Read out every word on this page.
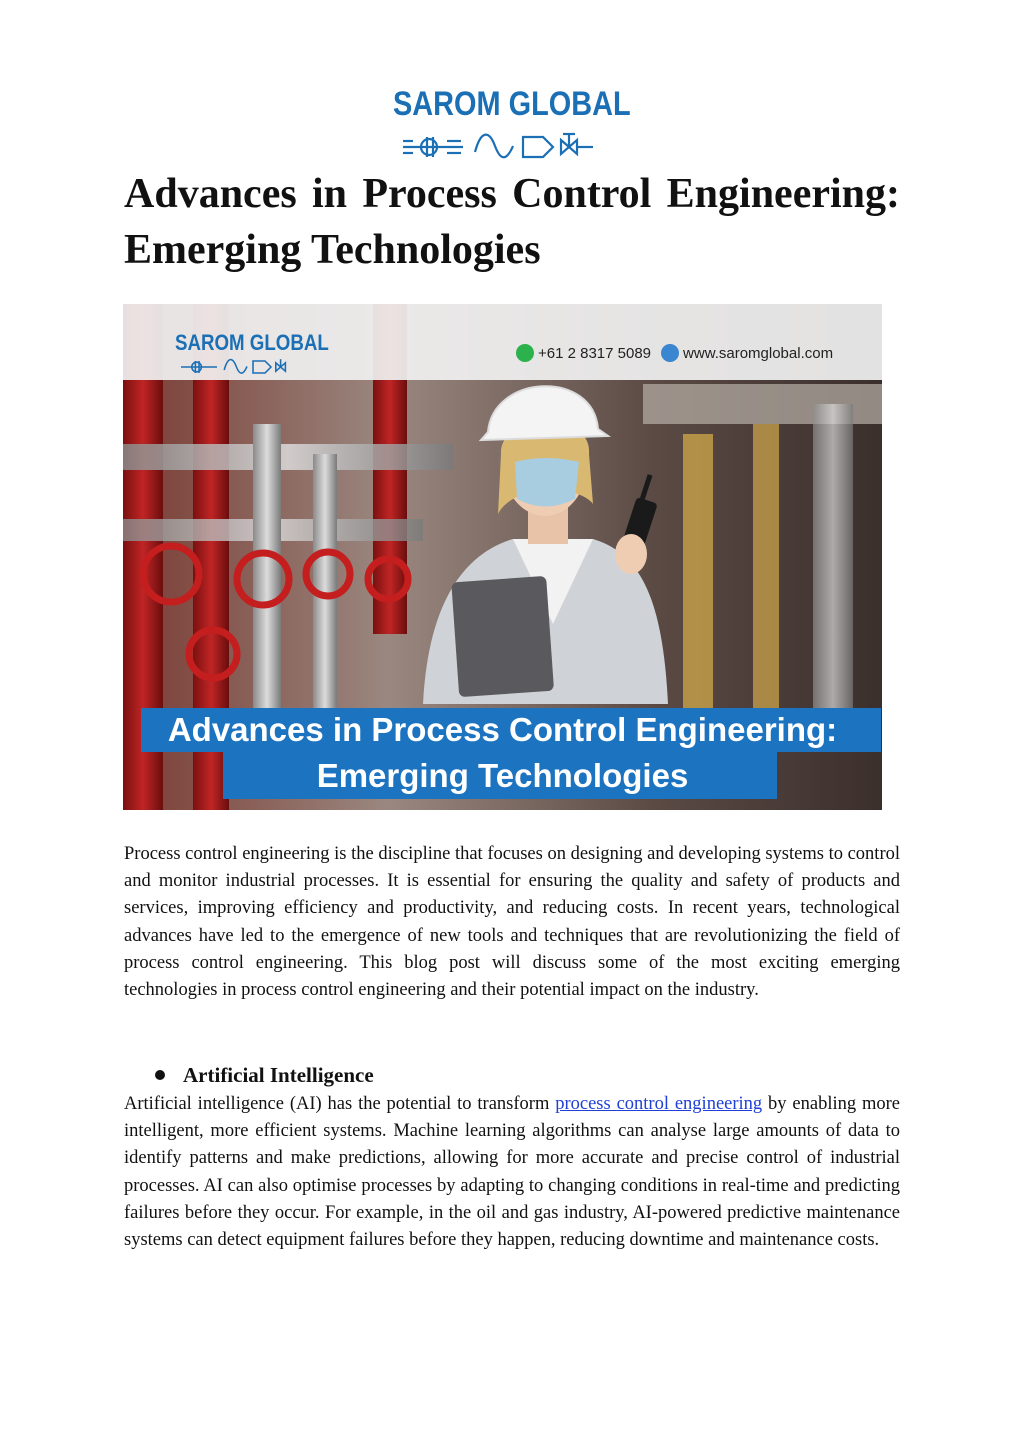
SAROM GLOBAL
Advances in Process Control Engineering: Emerging Technologies
SAROM GLOBAL	+61 2 8317 5089 www.saromglobal.com
Advances in Process Control Engineering:
Emerging Technologies

Process control engineering is the discipline that focuses on designing and developing systems to control and monitor industrial processes. It is essential for ensuring the quality and safety of products and services, improving efficiency and productivity, and reducing costs. In recent years, technological advances have led to the emergence of new tools and techniques that are revolutionizing the field of process control engineering. This blog post will discuss some of the most exciting emerging technologies in process control engineering and their potential impact on the industry.

Artificial Intelligence

Artificial intelligence (AI) has the potential to transform process control engineering by enabling more intelligent, more efficient systems. Machine learning algorithms can analyse large amounts of data to identify patterns and make predictions, allowing for more accurate and precise control of industrial processes. AI can also optimise processes by adapting to changing conditions in real-time and predicting failures before they occur. For example, in the oil and gas industry, AI-powered predictive maintenance systems can detect equipment failures before they happen, reducing downtime and maintenance costs.
